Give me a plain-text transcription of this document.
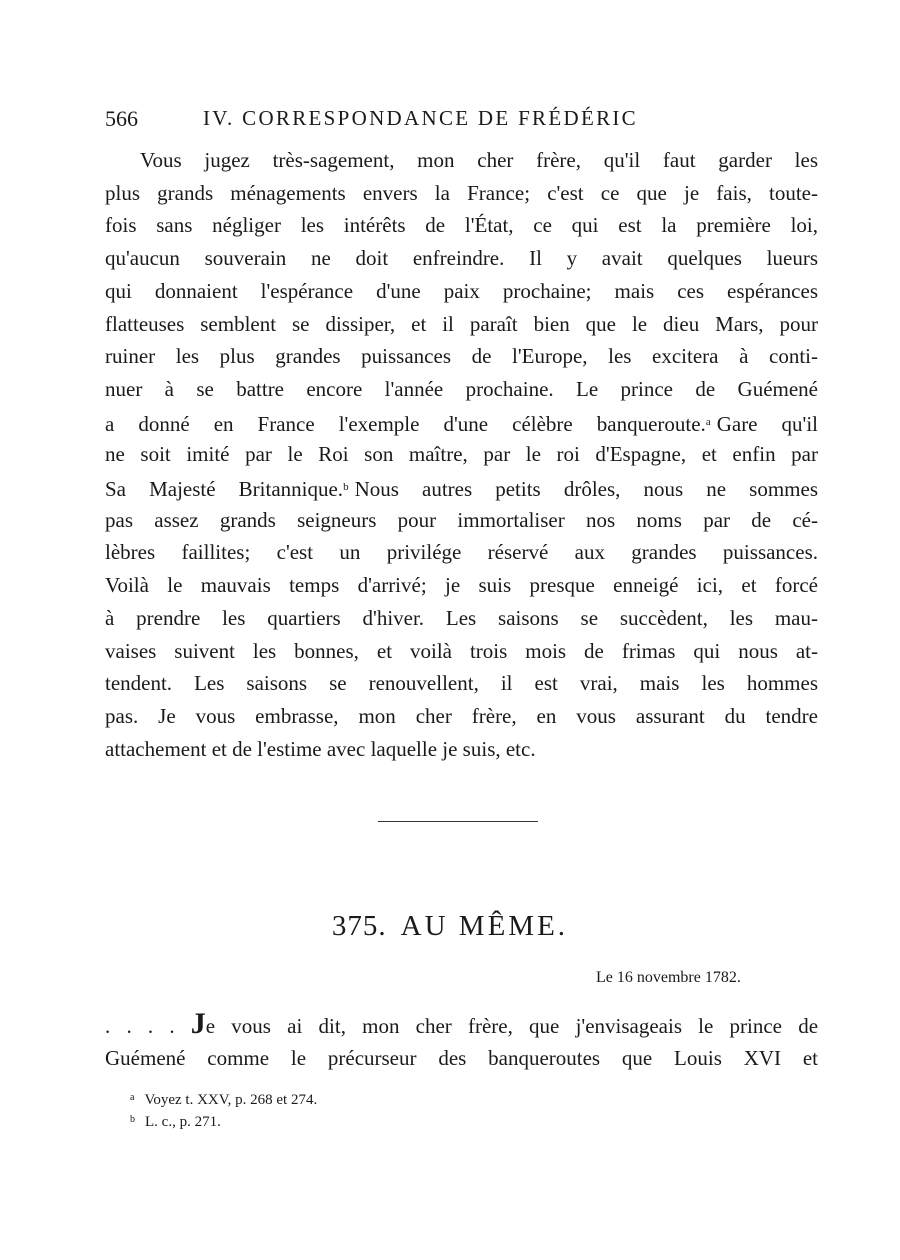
566	IV. CORRESPONDANCE DE FRÉDÉRIC
Vous jugez très-sagement, mon cher frère, qu'il faut garder les
plus grands ménagements envers la France; c'est ce que je fais, toute-
fois sans négliger les intérêts de l'État, ce qui est la première loi,
qu'aucun souverain ne doit enfreindre. Il y avait quelques lueurs
qui donnaient l'espérance d'une paix prochaine; mais ces espérances
flatteuses semblent se dissiper, et il paraît bien que le dieu Mars, pour
ruiner les plus grandes puissances de l'Europe, les excitera à conti-
nuer à se battre encore l'année prochaine. Le prince de Guémené
a donné en France l'exemple d'une célèbre banqueroute.$^a$ Gare qu'il
ne soit imité par le Roi son maître, par le roi d'Espagne, et enfin par
Sa Majesté Britannique.$^b$ Nous autres petits drôles, nous ne sommes
pas assez grands seigneurs pour immortaliser nos noms par de cé-
lèbres faillites; c'est un privilége réservé aux grandes puissances.
Voilà le mauvais temps d'arrivé; je suis presque enneigé ici, et forcé
à prendre les quartiers d'hiver. Les saisons se succèdent, les mau-
vaises suivent les bonnes, et voilà trois mois de frimas qui nous at-
tendent. Les saisons se renouvellent, il est vrai, mais les hommes
pas. Je vous embrasse, mon cher frère, en vous assurant du tendre
attachement et de l'estime avec laquelle je suis, etc.
375. AU MÊME.
Le 16 novembre 1782.
. . . . Je vous ai dit, mon cher frère, que j'envisageais le prince de
Guémené comme le précurseur des banqueroutes que Louis XVI et
$^a$ Voyez t. XXV, p. 268 et 274.
$^b$ L. c., p. 271.
